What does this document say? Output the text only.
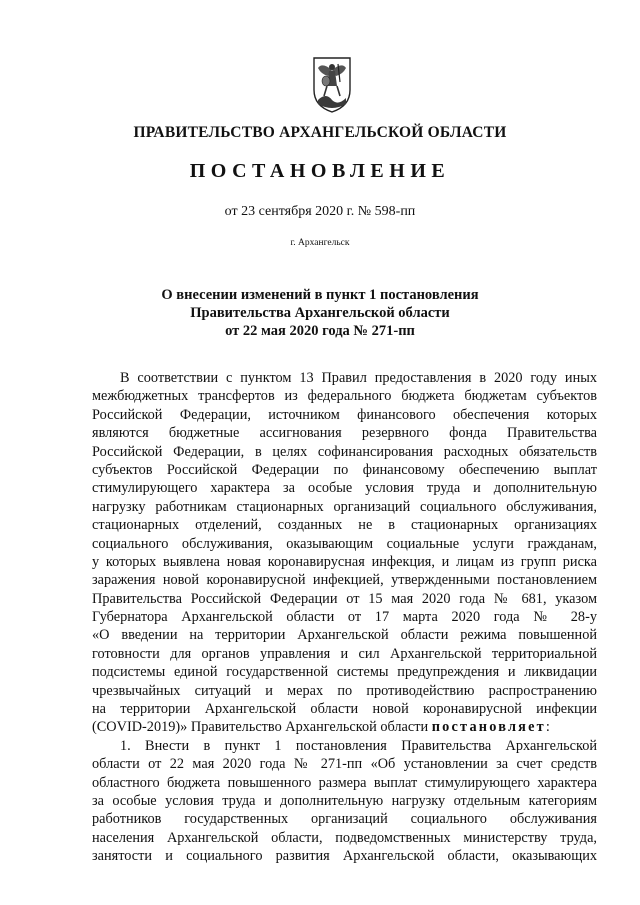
ПРАВИТЕЛЬСТВО АРХАНГЕЛЬСКОЙ ОБЛАСТИ
ПОСТАНОВЛЕНИЕ
от 23 сентября 2020 г. № 598-пп
г. Архангельск
О внесении изменений в пункт 1 постановления
Правительства Архангельской области
от 22 мая 2020 года № 271-пп
В соответствии с пунктом 13 Правил предоставления в 2020 году иных
межбюджетных трансфертов из федерального бюджета бюджетам субъектов
Российской Федерации, источником финансового обеспечения которых
являются бюджетные ассигнования резервного фонда Правительства
Российской Федерации, в целях софинансирования расходных обязательств
субъектов Российской Федерации по финансовому обеспечению выплат
стимулирующего характера за особые условия труда и дополнительную
нагрузку работникам стационарных организаций социального обслуживания,
стационарных отделений, созданных не в стационарных организациях
социального обслуживания, оказывающим социальные услуги гражданам,
у которых выявлена новая коронавирусная инфекция, и лицам из групп риска
заражения новой коронавирусной инфекцией, утвержденными постановлением
Правительства Российской Федерации от 15 мая 2020 года № 681, указом
Губернатора Архангельской области от 17 марта 2020 года № 28-у
«О введении на территории Архангельской области режима повышенной
готовности для органов управления и сил Архангельской территориальной
подсистемы единой государственной системы предупреждения и ликвидации
чрезвычайных ситуаций и мерах по противодействию распространению
на территории Архангельской области новой коронавирусной инфекции
(COVID-2019)» Правительство Архангельской области постановляет:
1. Внести в пункт 1 постановления Правительства Архангельской
области от 22 мая 2020 года № 271-пп «Об установлении за счет средств
областного бюджета повышенного размера выплат стимулирующего характера
за особые условия труда и дополнительную нагрузку отдельным категориям
работников государственных организаций социального обслуживания
населения Архангельской области, подведомственных министерству труда,
занятости и социального развития Архангельской области, оказывающих
